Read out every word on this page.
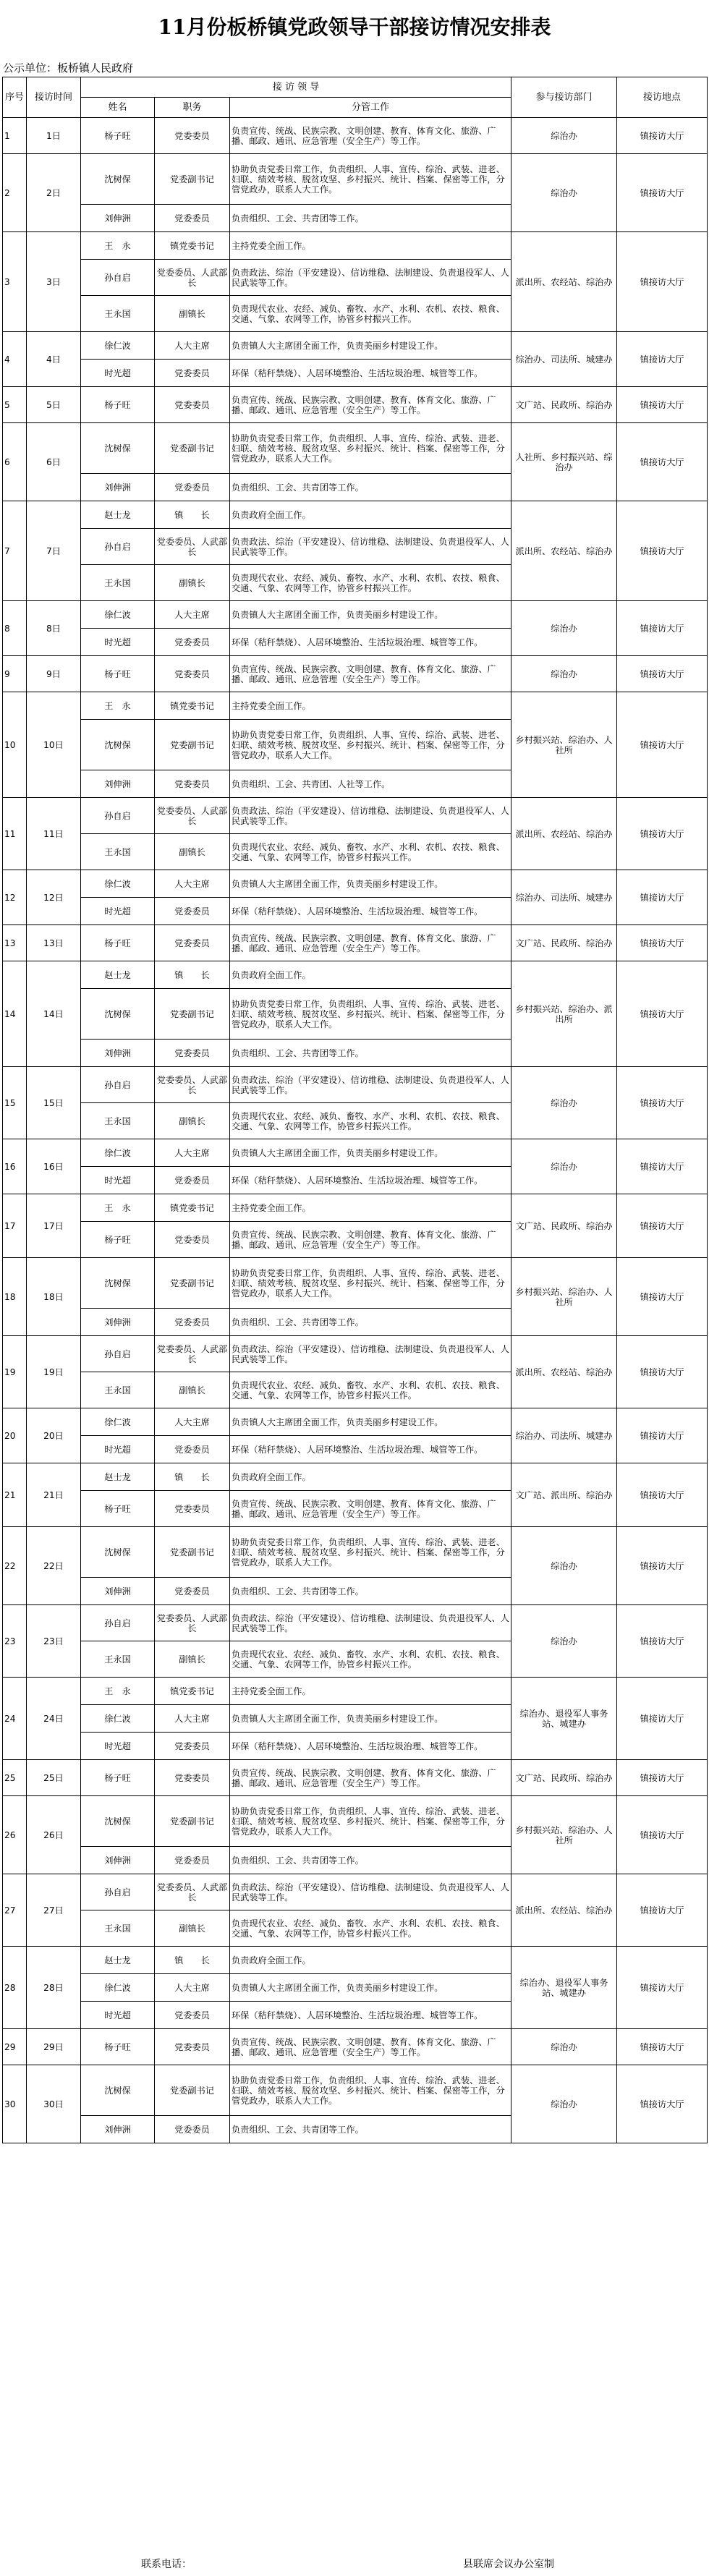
11月份板桥镇党政领导干部接访情况安排表
公示单位：板桥镇人民政府
序号	接访时间	接 访 领 导			参与接访部门	接访地点
		姓名	职务	分管工作		
1	1日	杨子旺	党委委员	负责宣传、统战、民族宗教、文明创建、教育、体育文化、旅游、广播、邮政、通讯、应急管理（安全生产）等工作。	综治办	镇接访大厅
2	2日	沈树保	党委副书记	协助负责党委日常工作，负责组织、人事、宣传、综治、武装、进老、妇联、绩效考核、脱贫攻坚、乡村振兴、统计、档案、保密等工作，分管党政办，联系人大工作。	综治办	镇接访大厅
		刘伸洲	党委委员	负责组织、工会、共青团等工作。		
3	3日	王　永	镇党委书记	主持党委全面工作。	派出所、农经站、综治办	镇接访大厅
		孙自启	党委委员、人武部长	负责政法、综治（平安建设）、信访维稳、法制建设、负责退役军人、人民武装等工作。		
		王永国	副镇长	负责现代农业、农经、减负、畜牧、水产、水利、农机、农技、粮食、交通、气象、农网等工作，协管乡村振兴工作。		
4	4日	徐仁波	人大主席	负责镇人大主席团全面工作，负责美丽乡村建设工作。	综治办、司法所、城建办	镇接访大厅
		时光超	党委委员	环保（秸秆禁烧）、人居环境整治、生活垃圾治理、城管等工作。		
5	5日	杨子旺	党委委员	负责宣传、统战、民族宗教、文明创建、教育、体育文化、旅游、广播、邮政、通讯、应急管理（安全生产）等工作。	文广站、民政所、综治办	镇接访大厅
6	6日	沈树保	党委副书记	协助负责党委日常工作，负责组织、人事、宣传、综治、武装、进老、妇联、绩效考核、脱贫攻坚、乡村振兴、统计、档案、保密等工作，分管党政办，联系人大工作。	人社所、乡村振兴站、综治办	镇接访大厅
		刘伸洲	党委委员	负责组织、工会、共青团等工作。		
7	7日	赵士龙	镇　　长	负责政府全面工作。	派出所、农经站、综治办	镇接访大厅
		孙自启	党委委员、人武部长	负责政法、综治（平安建设）、信访维稳、法制建设、负责退役军人、人民武装等工作。		
		王永国	副镇长	负责现代农业、农经、减负、畜牧、水产、水利、农机、农技、粮食、交通、气象、农网等工作，协管乡村振兴工作。		
8	8日	徐仁波	人大主席	负责镇人大主席团全面工作，负责美丽乡村建设工作。	综治办	镇接访大厅
		时光超	党委委员	环保（秸秆禁烧）、人居环境整治、生活垃圾治理、城管等工作。		
9	9日	杨子旺	党委委员	负责宣传、统战、民族宗教、文明创建、教育、体育文化、旅游、广播、邮政、通讯、应急管理（安全生产）等工作。	综治办	镇接访大厅
10	10日	王　永	镇党委书记	主持党委全面工作。	乡村振兴站、综治办、人社所	镇接访大厅
		沈树保	党委副书记	协助负责党委日常工作，负责组织、人事、宣传、综治、武装、进老、妇联、绩效考核、脱贫攻坚、乡村振兴、统计、档案、保密等工作，分管党政办，联系人大工作。		
		刘伸洲	党委委员	负责组织、工会、共青团、人社等工作。		
11	11日	孙自启	党委委员、人武部长	负责政法、综治（平安建设）、信访维稳、法制建设、负责退役军人、人民武装等工作。	派出所、农经站、综治办	镇接访大厅
		王永国	副镇长	负责现代农业、农经、减负、畜牧、水产、水利、农机、农技、粮食、交通、气象、农网等工作，协管乡村振兴工作。		
12	12日	徐仁波	人大主席	负责镇人大主席团全面工作，负责美丽乡村建设工作。	综治办、司法所、城建办	镇接访大厅
		时光超	党委委员	环保（秸秆禁烧）、人居环境整治、生活垃圾治理、城管等工作。		
13	13日	杨子旺	党委委员	负责宣传、统战、民族宗教、文明创建、教育、体育文化、旅游、广播、邮政、通讯、应急管理（安全生产）等工作。	文广站、民政所、综治办	镇接访大厅
14	14日	赵士龙	镇　　长	负责政府全面工作。	乡村振兴站、综治办、派出所	镇接访大厅
		沈树保	党委副书记	协助负责党委日常工作，负责组织、人事、宣传、综治、武装、进老、妇联、绩效考核、脱贫攻坚、乡村振兴、统计、档案、保密等工作，分管党政办，联系人大工作。		
		刘伸洲	党委委员	负责组织、工会、共青团等工作。		
15	15日	孙自启	党委委员、人武部长	负责政法、综治（平安建设）、信访维稳、法制建设、负责退役军人、人民武装等工作。	综治办	镇接访大厅
		王永国	副镇长	负责现代农业、农经、减负、畜牧、水产、水利、农机、农技、粮食、交通、气象、农网等工作，协管乡村振兴工作。		
16	16日	徐仁波	人大主席	负责镇人大主席团全面工作，负责美丽乡村建设工作。	综治办	镇接访大厅
		时光超	党委委员	环保（秸秆禁烧）、人居环境整治、生活垃圾治理、城管等工作。		
17	17日	王　永	镇党委书记	主持党委全面工作。	文广站、民政所、综治办	镇接访大厅
		杨子旺	党委委员	负责宣传、统战、民族宗教、文明创建、教育、体育文化、旅游、广播、邮政、通讯、应急管理（安全生产）等工作。		
18	18日	沈树保	党委副书记	协助负责党委日常工作，负责组织、人事、宣传、综治、武装、进老、妇联、绩效考核、脱贫攻坚、乡村振兴、统计、档案、保密等工作，分管党政办，联系人大工作。	乡村振兴站、综治办、人社所	镇接访大厅
		刘伸洲	党委委员	负责组织、工会、共青团等工作。		
19	19日	孙自启	党委委员、人武部长	负责政法、综治（平安建设）、信访维稳、法制建设、负责退役军人、人民武装等工作。	派出所、农经站、综治办	镇接访大厅
		王永国	副镇长	负责现代农业、农经、减负、畜牧、水产、水利、农机、农技、粮食、交通、气象、农网等工作，协管乡村振兴工作。		
20	20日	徐仁波	人大主席	负责镇人大主席团全面工作，负责美丽乡村建设工作。	综治办、司法所、城建办	镇接访大厅
		时光超	党委委员	环保（秸秆禁烧）、人居环境整治、生活垃圾治理、城管等工作。		
21	21日	赵士龙	镇　　长	负责政府全面工作。	文广站、派出所、综治办	镇接访大厅
		杨子旺	党委委员	负责宣传、统战、民族宗教、文明创建、教育、体育文化、旅游、广播、邮政、通讯、应急管理（安全生产）等工作。		
22	22日	沈树保	党委副书记	协助负责党委日常工作，负责组织、人事、宣传、综治、武装、进老、妇联、绩效考核、脱贫攻坚、乡村振兴、统计、档案、保密等工作，分管党政办，联系人大工作。	综治办	镇接访大厅
		刘伸洲	党委委员	负责组织、工会、共青团等工作。		
23	23日	孙自启	党委委员、人武部长	负责政法、综治（平安建设）、信访维稳、法制建设、负责退役军人、人民武装等工作。	综治办	镇接访大厅
		王永国	副镇长	负责现代农业、农经、减负、畜牧、水产、水利、农机、农技、粮食、交通、气象、农网等工作，协管乡村振兴工作。		
24	24日	王　永	镇党委书记	主持党委全面工作。	综治办、退役军人事务站、城建办	镇接访大厅
		徐仁波	人大主席	负责镇人大主席团全面工作，负责美丽乡村建设工作。		
		时光超	党委委员	环保（秸秆禁烧）、人居环境整治、生活垃圾治理、城管等工作。		
25	25日	杨子旺	党委委员	负责宣传、统战、民族宗教、文明创建、教育、体育文化、旅游、广播、邮政、通讯、应急管理（安全生产）等工作。	文广站、民政所、综治办	镇接访大厅
26	26日	沈树保	党委副书记	协助负责党委日常工作，负责组织、人事、宣传、综治、武装、进老、妇联、绩效考核、脱贫攻坚、乡村振兴、统计、档案、保密等工作，分管党政办，联系人大工作。	乡村振兴站、综治办、人社所	镇接访大厅
		刘伸洲	党委委员	负责组织、工会、共青团等工作。		
27	27日	孙自启	党委委员、人武部长	负责政法、综治（平安建设）、信访维稳、法制建设、负责退役军人、人民武装等工作。	派出所、农经站、综治办	镇接访大厅
		王永国	副镇长	负责现代农业、农经、减负、畜牧、水产、水利、农机、农技、粮食、交通、气象、农网等工作，协管乡村振兴工作。		
28	28日	赵士龙	镇　　长	负责政府全面工作。	综治办、退役军人事务站、城建办	镇接访大厅
		徐仁波	人大主席	负责镇人大主席团全面工作，负责美丽乡村建设工作。		
		时光超	党委委员	环保（秸秆禁烧）、人居环境整治、生活垃圾治理、城管等工作。		
29	29日	杨子旺	党委委员	负责宣传、统战、民族宗教、文明创建、教育、体育文化、旅游、广播、邮政、通讯、应急管理（安全生产）等工作。	综治办	镇接访大厅
30	30日	沈树保	党委副书记	协助负责党委日常工作，负责组织、人事、宣传、综治、武装、进老、妇联、绩效考核、脱贫攻坚、乡村振兴、统计、档案、保密等工作，分管党政办，联系人大工作。	综治办	镇接访大厅
		刘伸洲	党委委员	负责组织、工会、共青团等工作。		
联系电话：	县联席会议办公室制
